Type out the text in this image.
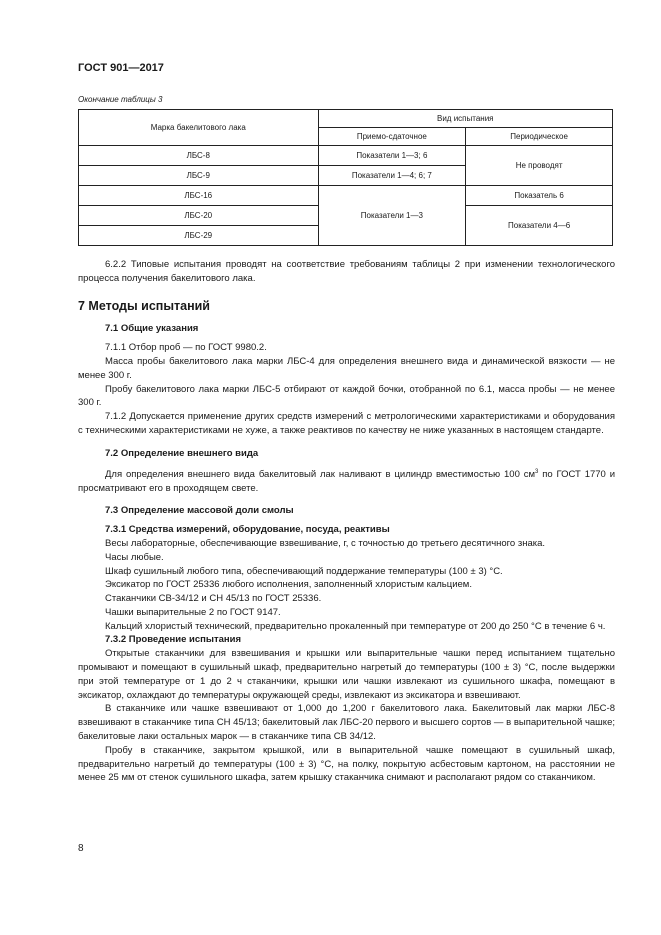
ГОСТ 901—2017
Окончание таблицы 3
Марка бакелитового лака	Вид испытания	
	Приемо-сдаточное	Периодическое
ЛБС-8	Показатели 1—3; 6	Не проводят
ЛБС-9	Показатели 1—4; 6; 7	
ЛБС-16	Показатели 1—3	Показатель 6
ЛБС-20		Показатели 4—6
ЛБС-29		

6.2.2 Типовые испытания проводят на соответствие требованиям таблицы 2 при изменении технологического процесса получения бакелитового лака.

7 Методы испытаний
7.1 Общие указания

7.1.1 Отбор проб — по ГОСТ 9980.2.

Масса пробы бакелитового лака марки ЛБС-4 для определения внешнего вида и динамической вязкости — не менее 300 г.

Пробу бакелитового лака марки ЛБС-5 отбирают от каждой бочки, отобранной по 6.1, масса пробы — не менее 300 г.

7.1.2 Допускается применение других средств измерений с метрологическими характеристиками и оборудования с техническими характеристиками не хуже, а также реактивов по качеству не ниже указанных в настоящем стандарте.

7.2 Определение внешнего вида

Для определения внешнего вида бакелитовый лак наливают в цилиндр вместимостью 100 $см^3$ по ГОСТ 1770 и просматривают его в проходящем свете.

7.3 Определение массовой доли смолы
7.3.1 Средства измерений, оборудование, посуда, реактивы

Весы лабораторные, обеспечивающие взвешивание, г, с точностью до третьего десятичного знака.

Часы любые.

Шкаф сушильный любого типа, обеспечивающий поддержание температуры (100 ± 3) °С.

Эксикатор по ГОСТ 25336 любого исполнения, заполненный хлористым кальцием.

Стаканчики СВ-34/12 и СН 45/13 по ГОСТ 25336.

Чашки выпарительные 2 по ГОСТ 9147.

Кальций хлористый технический, предварительно прокаленный при температуре от 200 до 250 °С в течение 6 ч.

7.3.2 Проведение испытания

Открытые стаканчики для взвешивания и крышки или выпарительные чашки перед испытанием тщательно промывают и помещают в сушильный шкаф, предварительно нагретый до температуры (100 ± 3) °С, после выдержки при этой температуре от 1 до 2 ч стаканчики, крышки или чашки извлекают из сушильного шкафа, помещают в эксикатор, охлаждают до температуры окружающей среды, извлекают из эксикатора и взвешивают.

В стаканчике или чашке взвешивают от 1,000 до 1,200 г бакелитового лака. Бакелитовый лак марки ЛБС-8 взвешивают в стаканчике типа СН 45/13; бакелитовый лак ЛБС-20 первого и высшего сортов — в выпарительной чашке; бакелитовые лаки остальных марок — в стаканчике типа СВ 34/12.

Пробу в стаканчике, закрытом крышкой, или в выпарительной чашке помещают в сушильный шкаф, предварительно нагретый до температуры (100 ± 3) °С, на полку, покрытую асбестовым картоном, на расстоянии не менее 25 мм от стенок сушильного шкафа, затем крышку стаканчика снимают и располагают рядом со стаканчиком.

8
